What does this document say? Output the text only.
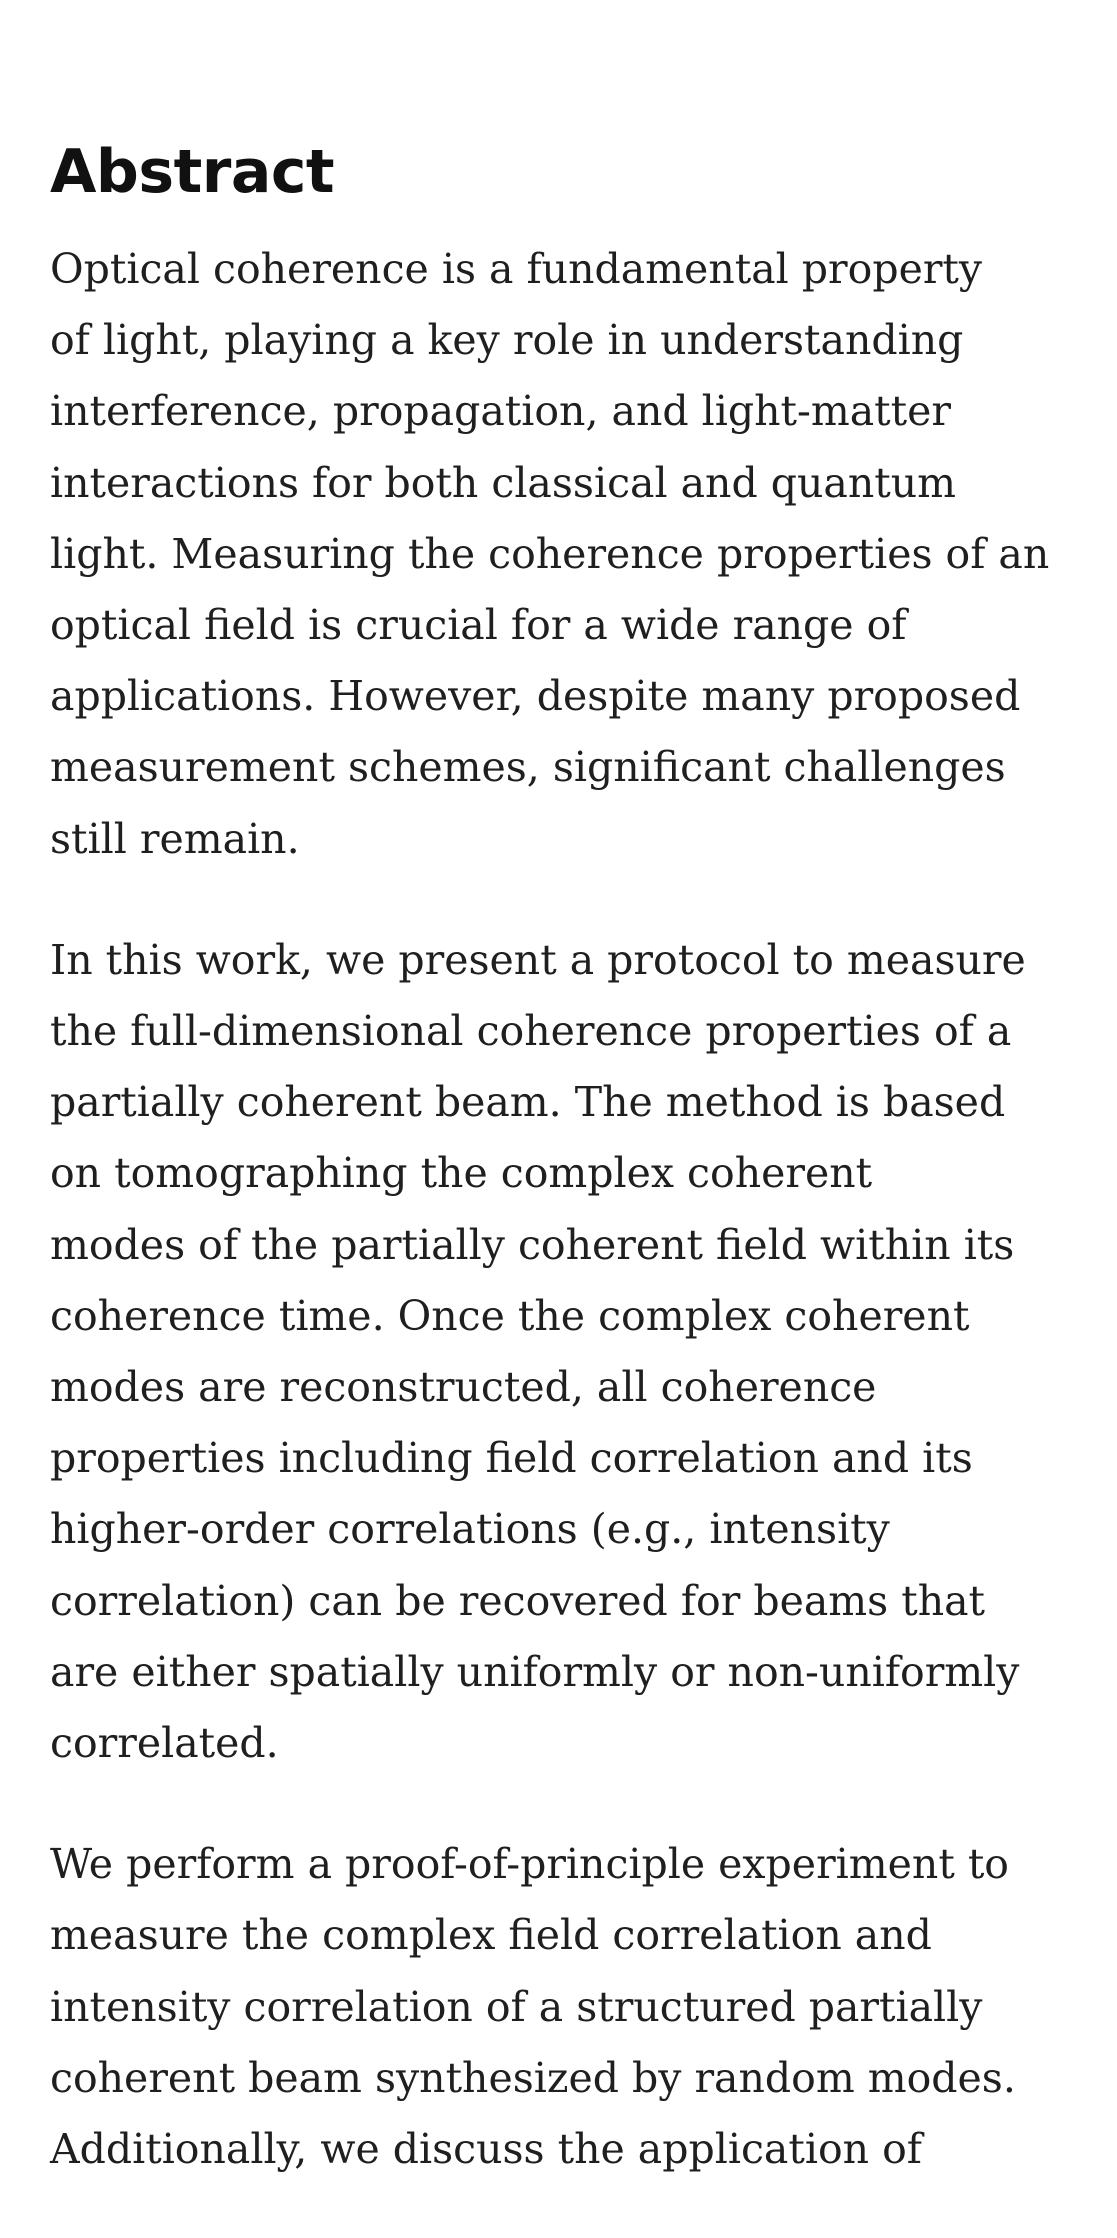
Abstract

Optical coherence is a fundamental property
of light, playing a key role in understanding
interference, propagation, and light-matter
interactions for both classical and quantum
light. Measuring the coherence properties of an
optical field is crucial for a wide range of
applications. However, despite many proposed
measurement schemes, significant challenges
still remain.

In this work, we present a protocol to measure
the full-dimensional coherence properties of a
partially coherent beam. The method is based
on tomographing the complex coherent
modes of the partially coherent field within its
coherence time. Once the complex coherent
modes are reconstructed, all coherence
properties including field correlation and its
higher-order correlations (e.g., intensity
correlation) can be recovered for beams that
are either spatially uniformly or non-uniformly
correlated.

We perform a proof-of-principle experiment to
measure the complex field correlation and
intensity correlation of a structured partially
coherent beam synthesized by random modes.
Additionally, we discuss the application of
